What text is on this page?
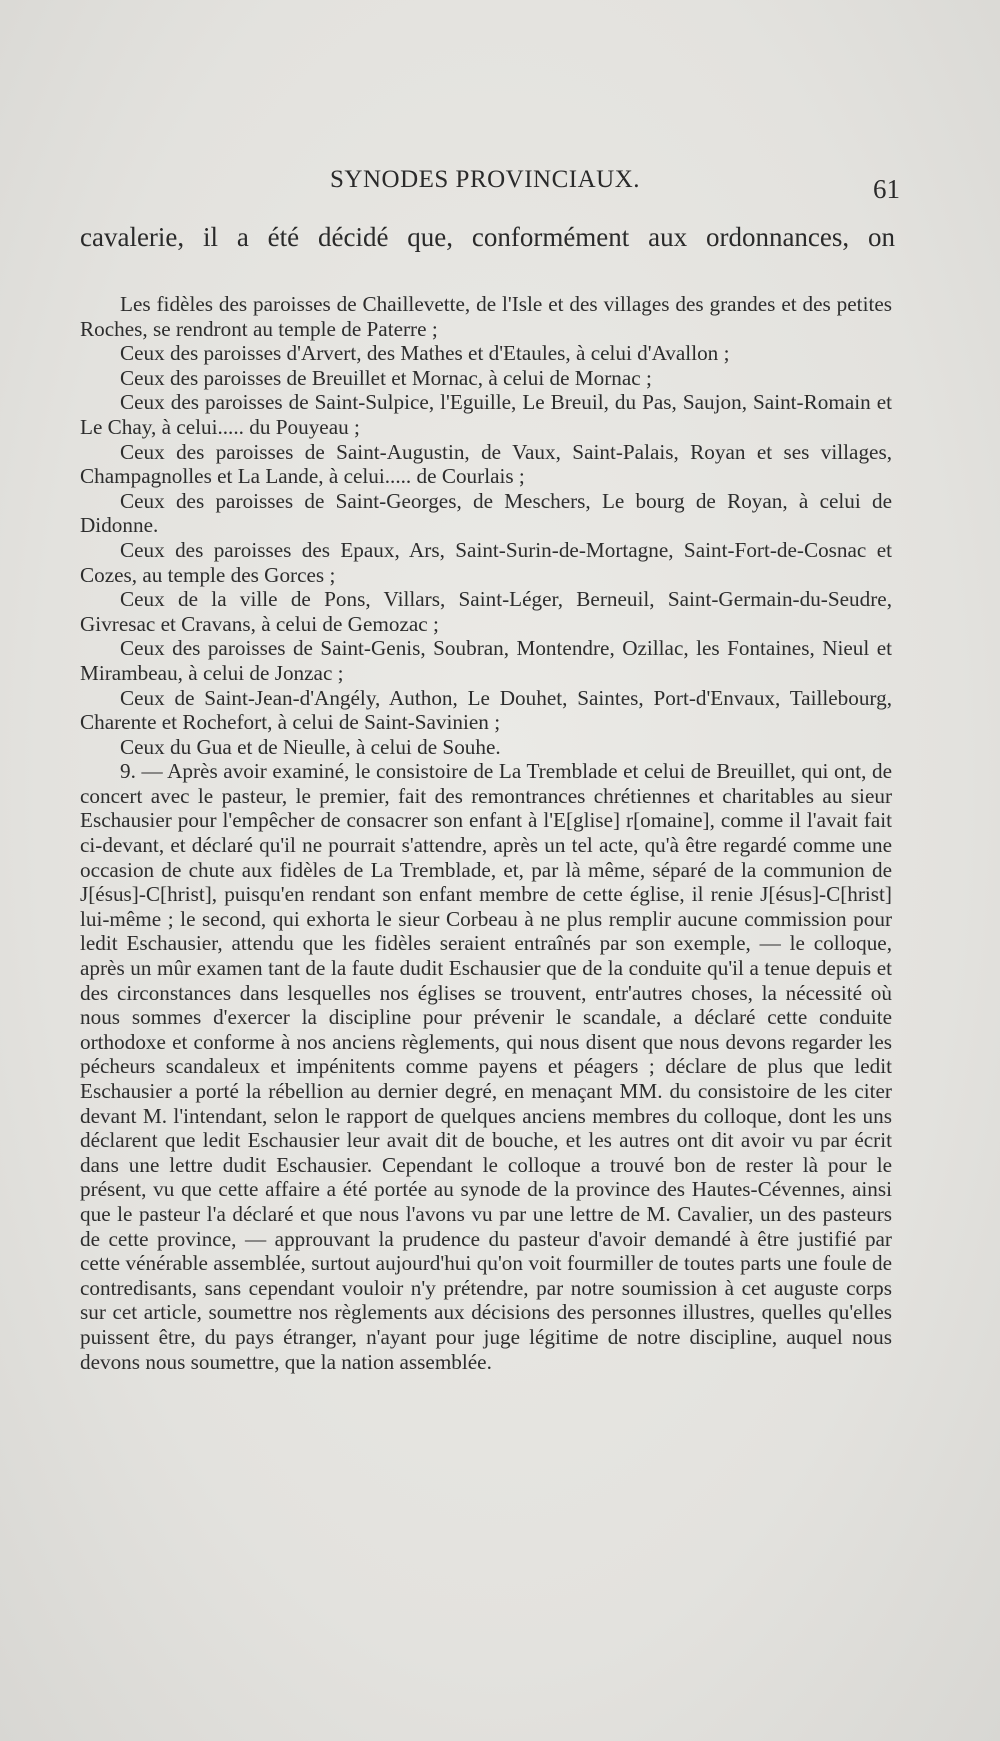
SYNODES PROVINCIAUX.	61
cavalerie, il a été décidé que, conformément aux ordonnances, on

Les fidèles des paroisses de Chaillevette, de l'Isle et des villages des grandes et des petites Roches, se rendront au temple de Paterre ;

Ceux des paroisses d'Arvert, des Mathes et d'Etaules, à celui d'Avallon ;

Ceux des paroisses de Breuillet et Mornac, à celui de Mornac ;

Ceux des paroisses de Saint-Sulpice, l'Eguille, Le Breuil, du Pas, Saujon, Saint-Romain et Le Chay, à celui..... du Pouyeau ;

Ceux des paroisses de Saint-Augustin, de Vaux, Saint-Palais, Royan et ses villages, Champagnolles et La Lande, à celui..... de Courlais ;

Ceux des paroisses de Saint-Georges, de Meschers, Le bourg de Royan, à celui de Didonne.

Ceux des paroisses des Epaux, Ars, Saint-Surin-de-Mortagne, Saint-Fort-de-Cosnac et Cozes, au temple des Gorces ;

Ceux de la ville de Pons, Villars, Saint-Léger, Berneuil, Saint-Germain-du-Seudre, Givresac et Cravans, à celui de Gemozac ;

Ceux des paroisses de Saint-Genis, Soubran, Montendre, Ozillac, les Fontaines, Nieul et Mirambeau, à celui de Jonzac ;

Ceux de Saint-Jean-d'Angély, Authon, Le Douhet, Saintes, Port-d'Envaux, Taillebourg, Charente et Rochefort, à celui de Saint-Savinien ;

Ceux du Gua et de Nieulle, à celui de Souhe.

9. — Après avoir examiné, le consistoire de La Tremblade et celui de Breuillet, qui ont, de concert avec le pasteur, le premier, fait des remontrances chrétiennes et charitables au sieur Eschausier pour l'empêcher de consacrer son enfant à l'E[glise] r[omaine], comme il l'avait fait ci-devant, et déclaré qu'il ne pourrait s'attendre, après un tel acte, qu'à être regardé comme une occasion de chute aux fidèles de La Tremblade, et, par là même, séparé de la communion de J[ésus]-C[hrist], puisqu'en rendant son enfant membre de cette église, il renie J[ésus]-C[hrist] lui-même ; le second, qui exhorta le sieur Corbeau à ne plus remplir aucune commission pour ledit Eschausier, attendu que les fidèles seraient entraînés par son exemple, — le colloque, après un mûr examen tant de la faute dudit Eschausier que de la conduite qu'il a tenue depuis et des circonstances dans lesquelles nos églises se trouvent, entr'autres choses, la nécessité où nous sommes d'exercer la discipline pour prévenir le scandale, a déclaré cette conduite orthodoxe et conforme à nos anciens règlements, qui nous disent que nous devons regarder les pécheurs scandaleux et impénitents comme payens et péagers ; déclare de plus que ledit Eschausier a porté la rébellion au dernier degré, en menaçant MM. du consistoire de les citer devant M. l'intendant, selon le rapport de quelques anciens membres du colloque, dont les uns déclarent que ledit Eschausier leur avait dit de bouche, et les autres ont dit avoir vu par écrit dans une lettre dudit Eschausier. Cependant le colloque a trouvé bon de rester là pour le présent, vu que cette affaire a été portée au synode de la province des Hautes-Cévennes, ainsi que le pasteur l'a déclaré et que nous l'avons vu par une lettre de M. Cavalier, un des pasteurs de cette province, — approuvant la prudence du pasteur d'avoir demandé à être justifié par cette vénérable assemblée, surtout aujourd'hui qu'on voit fourmiller de toutes parts une foule de contredisants, sans cependant vouloir n'y prétendre, par notre soumission à cet auguste corps sur cet article, soumettre nos règlements aux décisions des personnes illustres, quelles qu'elles puissent être, du pays étranger, n'ayant pour juge légitime de notre discipline, auquel nous devons nous soumettre, que la nation assemblée.
